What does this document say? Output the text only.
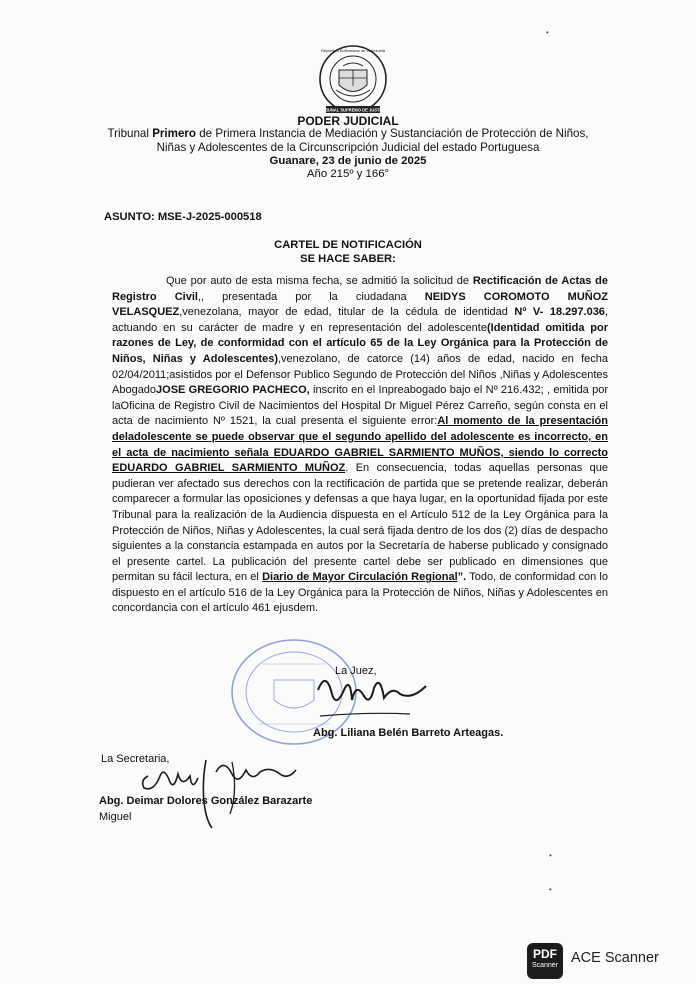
República Bolivariana de Venezuela
TRIBUNAL SUPREMO DE JUSTICIA
PODER JUDICIAL
Tribunal Primero de Primera Instancia de Mediación y Sustanciación de Protección de Niños,
Niñas y Adolescentes de la Circunscripción Judicial del estado Portuguesa
Guanare, 23 de junio de 2025
Año 215º y 166°
ASUNTO: MSE-J-2025-000518
CARTEL DE NOTIFICACIÓN
SE HACE SABER:

Que por auto de esta misma fecha, se admitió la solicitud de Rectificación de Actas de Registro Civil,, presentada por la ciudadana NEIDYS COROMOTO MUÑOZ VELASQUEZ,venezolana, mayor de edad, titular de la cédula de identidad Nº V- 18.297.036, actuando en su carácter de madre y en representación del adolescente(Identidad omitida por razones de Ley, de conformidad con el artículo 65 de la Ley Orgánica para la Protección de Niños, Niñas y Adolescentes),venezolano, de catorce (14) años de edad, nacido en fecha 02/04/2011;asistidos por el Defensor Publico Segundo de Protección del Niños ,Niñas y Adolescentes AbogadoJOSE GREGORIO PACHECO, inscrito en el Inpreabogado bajo el Nº 216.432; , emitida por laOficina de Registro Civil de Nacimientos del Hospital Dr Miguel Pérez Carreño, según consta en el acta de nacimiento Nº 1521, la cual presenta el siguiente error:Al momento de la presentación deladolescente se puede observar que el segundo apellido del adolescente es incorrecto, en el acta de nacimiento señala EDUARDO GABRIEL SARMIENTO MUÑOS, siendo lo correcto EDUARDO GABRIEL SARMIENTO MUÑOZ. En consecuencia, todas aquellas personas que pudieran ver afectado sus derechos con la rectificación de partida que se pretende realizar, deberán comparecer a formular las oposiciones y defensas a que haya lugar, en la oportunidad fijada por este Tribunal para la realización de la Audiencia dispuesta en el Artículo 512 de la Ley Orgánica para la Protección de Niños, Niñas y Adolescentes, la cual será fijada dentro de los dos (2) días de despacho siguientes a la constancia estampada en autos por la Secretaría de haberse publicado y consignado el presente cartel. La publicación del presente cartel debe ser publicado en dimensiones que permitan su fácil lectura, en el Diario de Mayor Circulación Regional”. Todo, de conformidad con lo dispuesto en el artículo 516 de la Ley Orgánica para la Protección de Niños, Niñas y Adolescentes en concordancia con el artículo 461 ejusdem.

La Juez,
Abg. Liliana Belén Barreto Arteagas.
La Secretaria,
Abg. Deimar Dolores González Barazarte
Miguel
•
•
•
PDF
Scanner ACE Scanner
